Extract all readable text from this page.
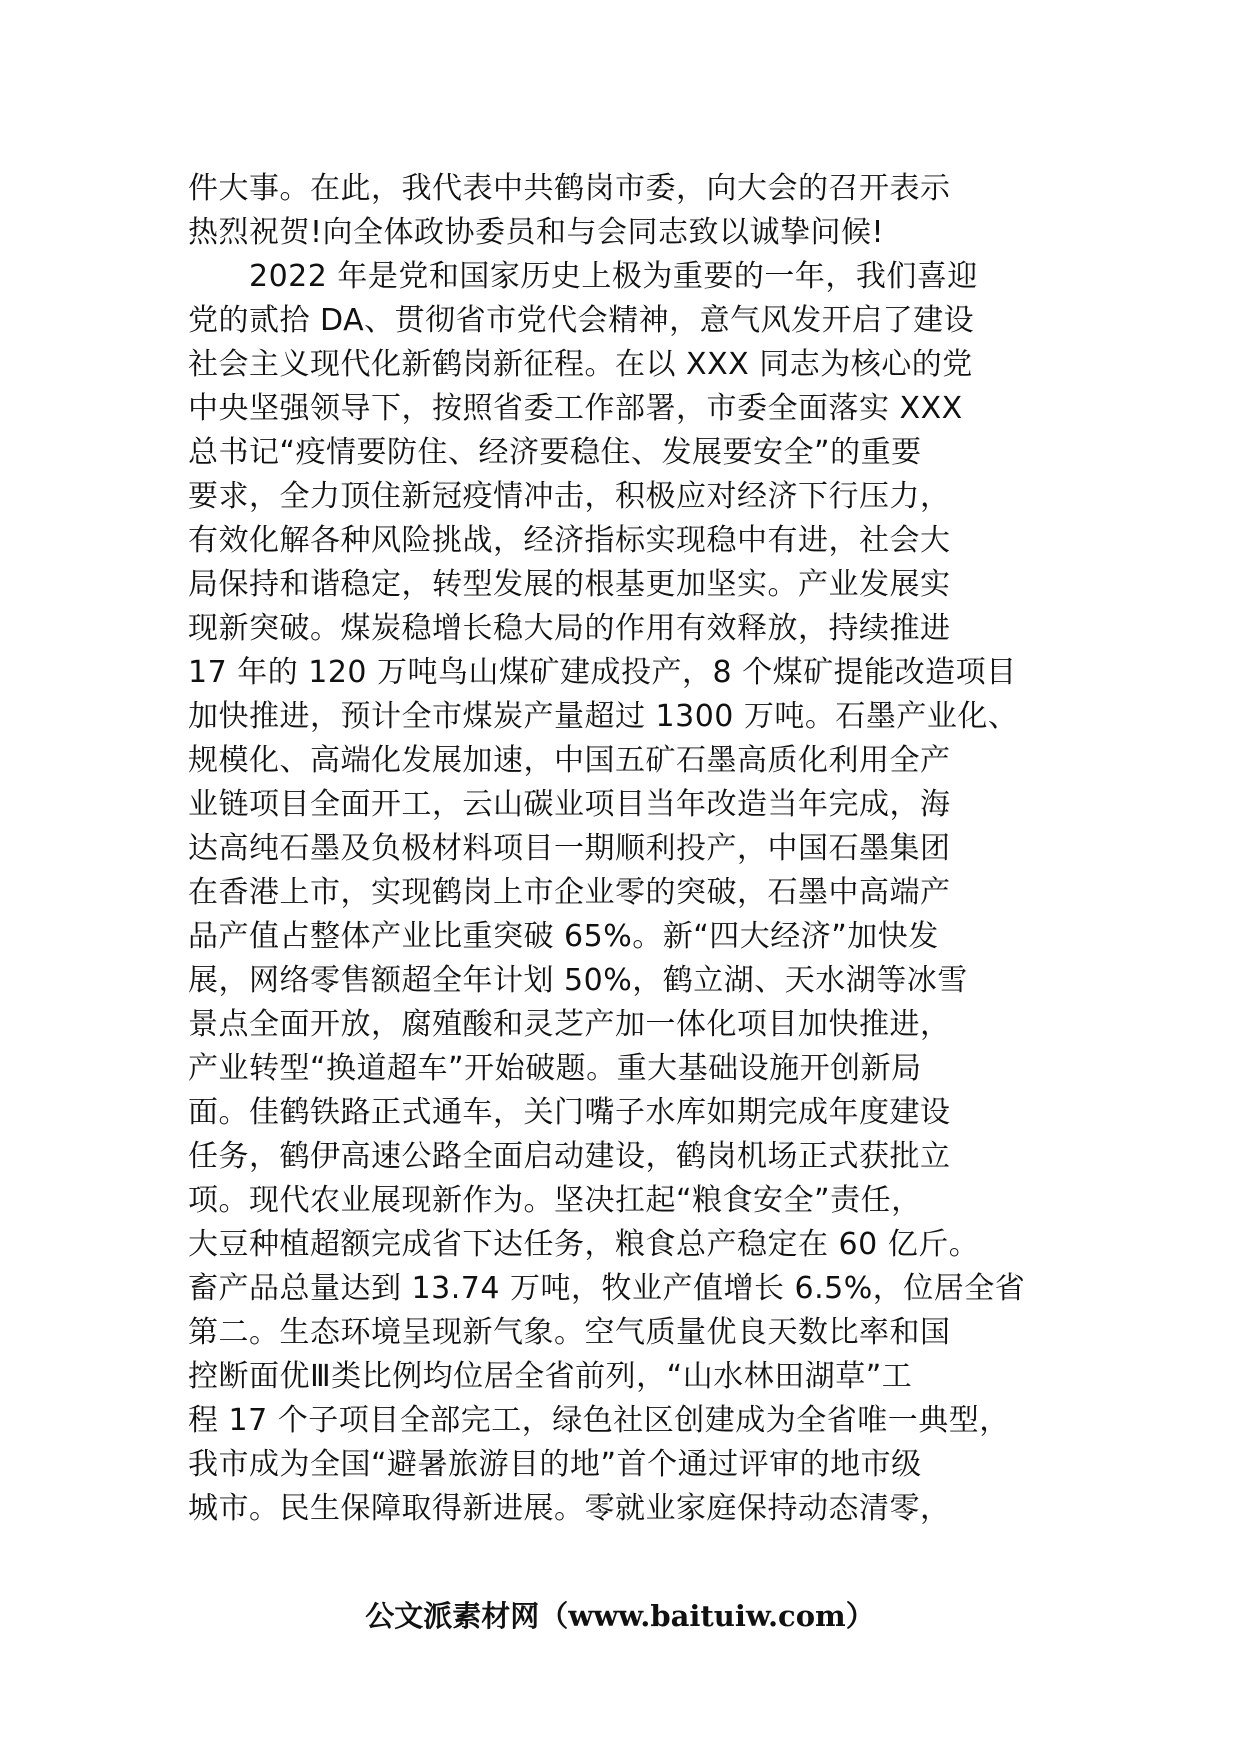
件大事。在此，我代表中共鹤岗市委，向大会的召开表示
热烈祝贺!向全体政协委员和与会同志致以诚挚问候!
　　2022 年是党和国家历史上极为重要的一年，我们喜迎
党的贰拾 DA、贯彻省市党代会精神，意气风发开启了建设
社会主义现代化新鹤岗新征程。在以 XXX 同志为核心的党
中央坚强领导下，按照省委工作部署，市委全面落实 XXX
总书记“疫情要防住、经济要稳住、发展要安全”的重要
要求，全力顶住新冠疫情冲击，积极应对经济下行压力，
有效化解各种风险挑战，经济指标实现稳中有进，社会大
局保持和谐稳定，转型发展的根基更加坚实。产业发展实
现新突破。煤炭稳增长稳大局的作用有效释放，持续推进
17 年的 120 万吨鸟山煤矿建成投产，8 个煤矿提能改造项目
加快推进，预计全市煤炭产量超过 1300 万吨。石墨产业化、
规模化、高端化发展加速，中国五矿石墨高质化利用全产
业链项目全面开工，云山碳业项目当年改造当年完成，海
达高纯石墨及负极材料项目一期顺利投产，中国石墨集团
在香港上市，实现鹤岗上市企业零的突破，石墨中高端产
品产值占整体产业比重突破 65%。新“四大经济”加快发
展，网络零售额超全年计划 50%，鹤立湖、天水湖等冰雪
景点全面开放，腐殖酸和灵芝产加一体化项目加快推进，
产业转型“换道超车”开始破题。重大基础设施开创新局
面。佳鹤铁路正式通车，关门嘴子水库如期完成年度建设
任务，鹤伊高速公路全面启动建设，鹤岗机场正式获批立
项。现代农业展现新作为。坚决扛起“粮食安全”责任，
大豆种植超额完成省下达任务，粮食总产稳定在 60 亿斤。
畜产品总量达到 13.74 万吨，牧业产值增长 6.5%，位居全省
第二。生态环境呈现新气象。空气质量优良天数比率和国
控断面优Ⅲ类比例均位居全省前列，“山水林田湖草”工
程 17 个子项目全部完工，绿色社区创建成为全省唯一典型，
我市成为全国“避暑旅游目的地”首个通过评审的地市级
城市。民生保障取得新进展。零就业家庭保持动态清零，
公文派素材网（www.baituiw.com）
